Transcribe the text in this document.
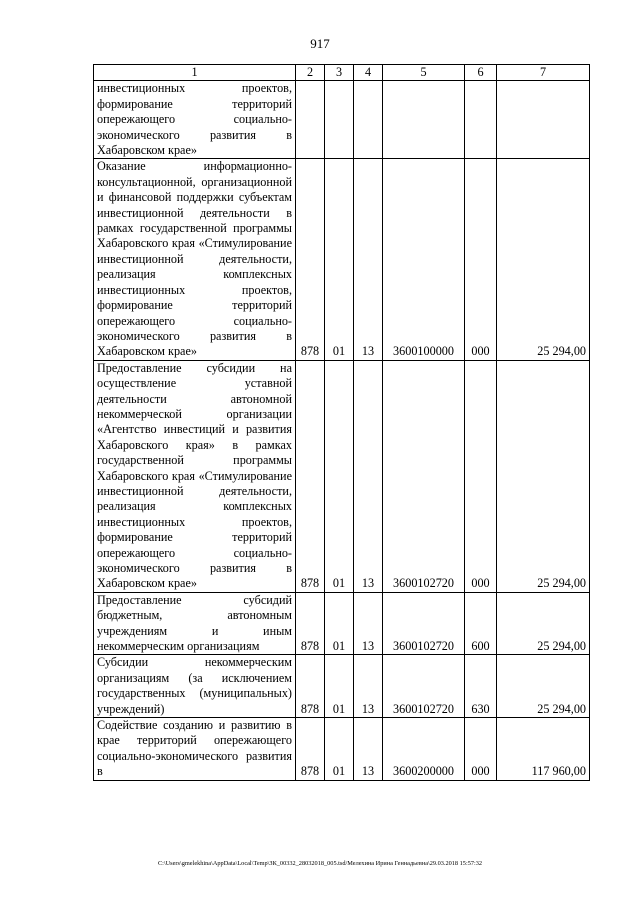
917
1	2	3	4	5	6	7
инвестиционных проектов, формирование территорий опережающего социально-экономического развития в Хабаровском крае»						
Оказание информационно-консультационной, организационной и финансовой поддержки субъектам инвестиционной деятельности в рамках государственной программы Хабаровского края «Стимулирование инвестиционной деятельности, реализация комплексных инвестиционных проектов, формирование территорий опережающего социально-экономического развития в Хабаровском крае»	878	01	13	3600100000	000	25 294,00
Предоставление субсидии на осуществление уставной деятельности автономной некоммерческой организации «Агентство инвестиций и развития Хабаровского края» в рамках государственной программы Хабаровского края «Стимулирование инвестиционной деятельности, реализация комплексных инвестиционных проектов, формирование территорий опережающего социально-экономического развития в Хабаровском крае»	878	01	13	3600102720	000	25 294,00
Предоставление субсидий бюджетным, автономным учреждениям и иным некоммерческим организациям	878	01	13	3600102720	600	25 294,00
Субсидии некоммерческим организациям (за исключением государственных (муниципальных) учреждений)	878	01	13	3600102720	630	25 294,00
Содействие созданию и развитию в крае территорий опережающего социально-экономического развития в	878	01	13	3600200000	000	117 960,00
C:\Users\gmelekhina\AppData\Local\Temp\ЗК_00332_28032018_005.tsd/Мелехина Ирина Геннадьевна\29.03.2018 15:57:32
